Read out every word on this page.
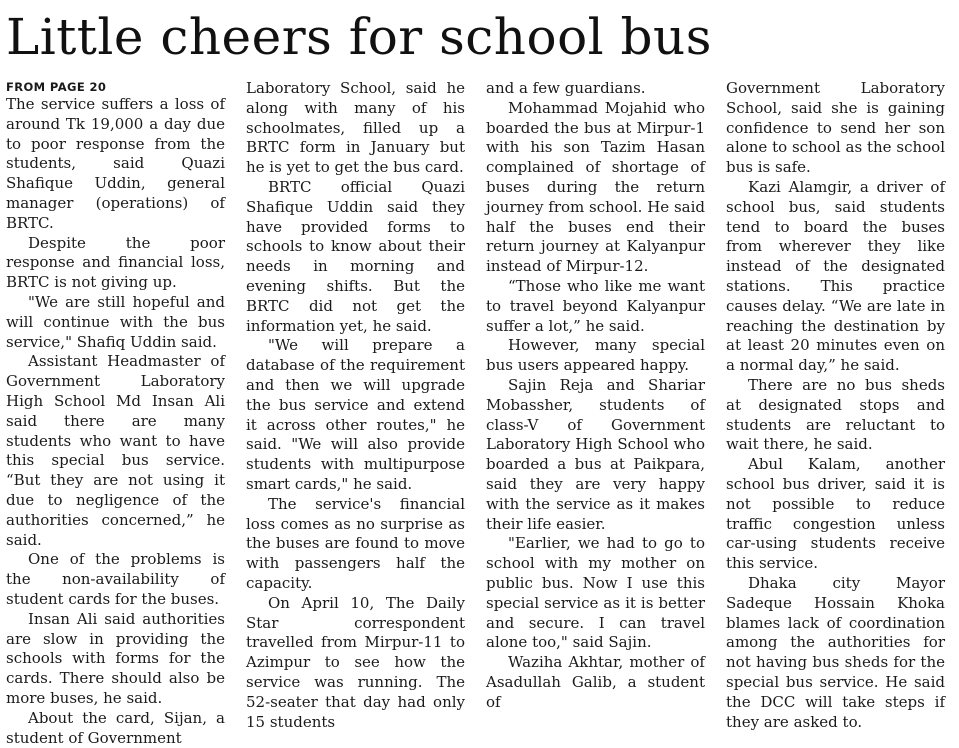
Little cheers for school bus
FROM PAGE 20

The service suffers a loss of around Tk 19,000 a day due to poor response from the students, said Quazi Shafique Uddin, general manager (operations) of BRTC.

Despite the poor response and financial loss, BRTC is not giving up.

"We are still hopeful and will continue with the bus service," Shafiq Uddin said.

Assistant Headmaster of Government Laboratory High School Md Insan Ali said there are many students who want to have this special bus service. “But they are not using it due to negligence of the authorities concerned,” he said.

One of the problems is the non-availability of student cards for the buses.

Insan Ali said authorities are slow in providing the schools with forms for the cards. There should also be more buses, he said.

About the card, Sijan, a student of Government

Laboratory School, said he along with many of his schoolmates, filled up a BRTC form in January but he is yet to get the bus card.

BRTC official Quazi Shafique Uddin said they have provided forms to schools to know about their needs in morning and evening shifts. But the BRTC did not get the information yet, he said.

"We will prepare a database of the requirement and then we will upgrade the bus service and extend it across other routes," he said. "We will also provide students with multipurpose smart cards," he said.

The service's financial loss comes as no surprise as the buses are found to move with passengers half the capacity.

On April 10, The Daily Star correspondent travelled from Mirpur-11 to Azimpur to see how the service was running. The 52-seater that day had only 15 students

and a few guardians.

Mohammad Mojahid who boarded the bus at Mirpur-1 with his son Tazim Hasan complained of shortage of buses during the return journey from school. He said half the buses end their return journey at Kalyanpur instead of Mirpur-12.

“Those who like me want to travel beyond Kalyanpur suffer a lot,” he said.

However, many special bus users appeared happy.

Sajin Reja and Shariar Mobassher, students of class-V of Government Laboratory High School who boarded a bus at Paikpara, said they are very happy with the service as it makes their life easier.

"Earlier, we had to go to school with my mother on public bus. Now I use this special service as it is better and secure. I can travel alone too," said Sajin.

Waziha Akhtar, mother of Asadullah Galib, a student of

Government Laboratory School, said she is gaining confidence to send her son alone to school as the school bus is safe.

Kazi Alamgir, a driver of school bus, said students tend to board the buses from wherever they like instead of the designated stations. This practice causes delay. “We are late in reaching the destination by at least 20 minutes even on a normal day,” he said.

There are no bus sheds at designated stops and students are reluctant to wait there, he said.

Abul Kalam, another school bus driver, said it is not possible to reduce traffic congestion unless car-using students receive this service.

Dhaka city Mayor Sadeque Hossain Khoka blames lack of coordination among the authorities for not having bus sheds for the special bus service. He said the DCC will take steps if they are asked to.
